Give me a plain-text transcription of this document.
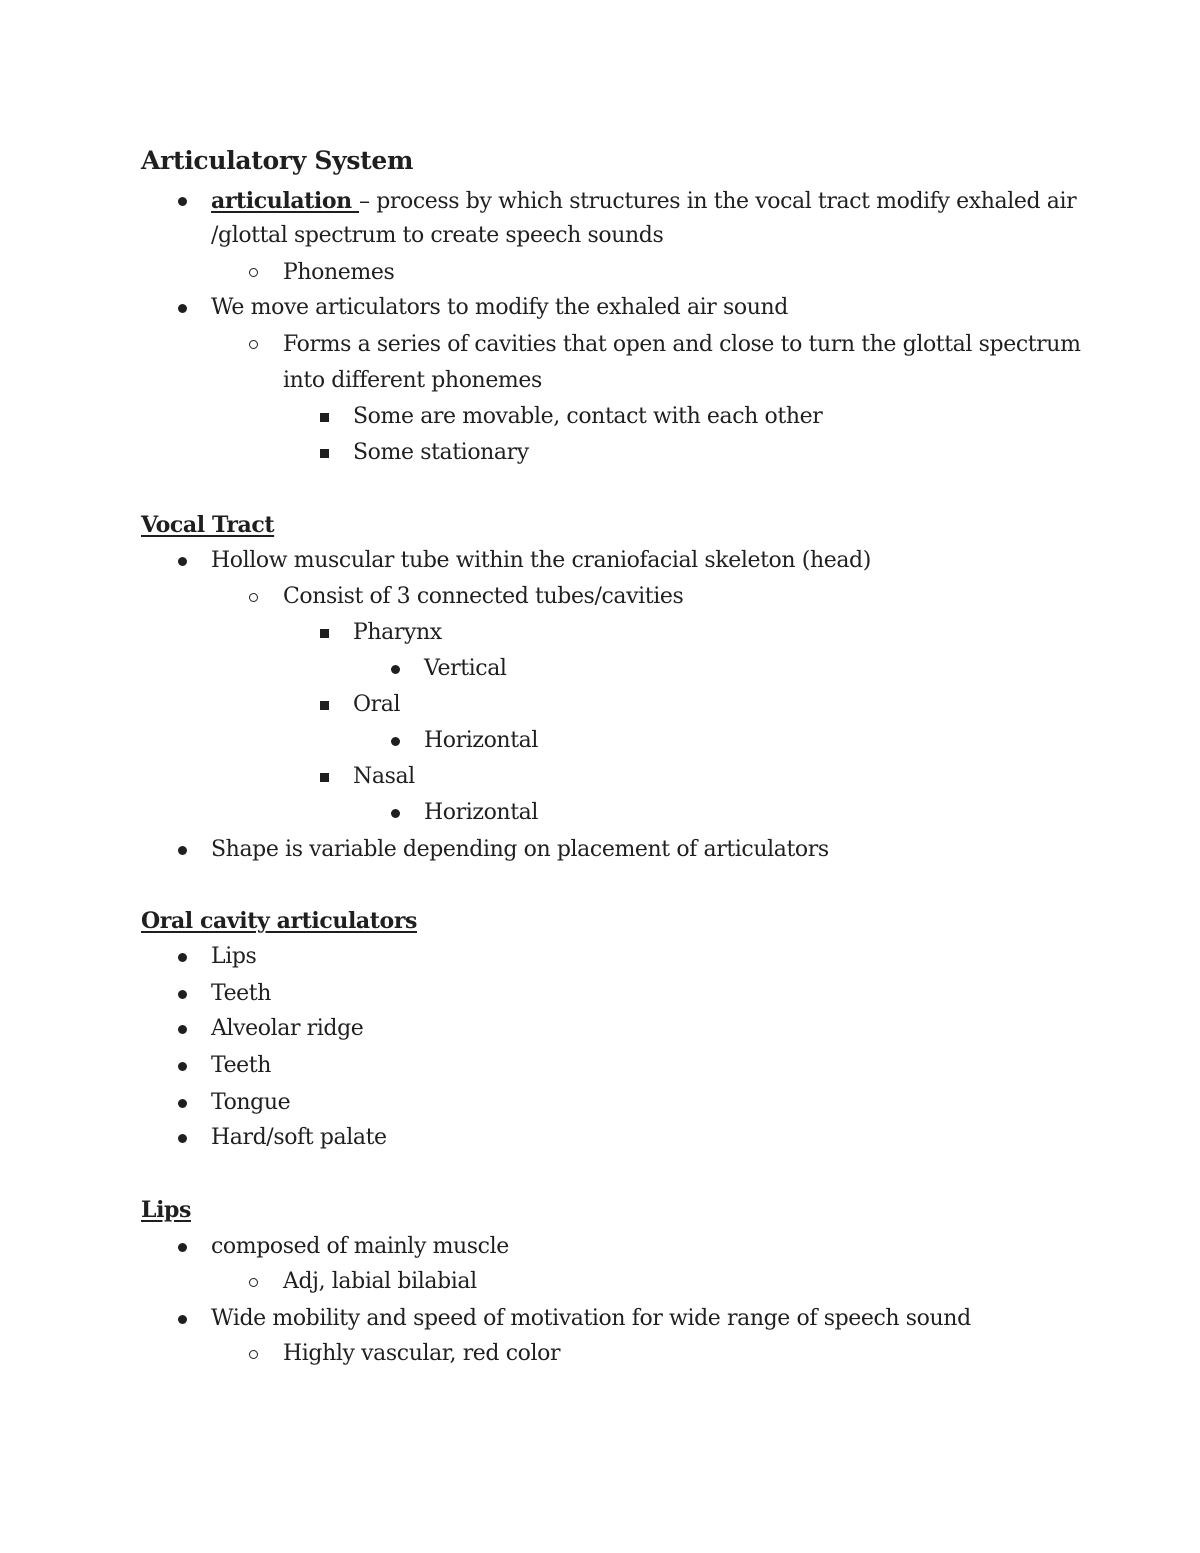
Articulatory System
articulation – process by which structures in the vocal tract modify exhaled air
/glottal spectrum to create speech sounds
Phonemes
We move articulators to modify the exhaled air sound
Forms a series of cavities that open and close to turn the glottal spectrum
into different phonemes
Some are movable, contact with each other
Some stationary
Vocal Tract
Hollow muscular tube within the craniofacial skeleton (head)
Consist of 3 connected tubes/cavities
Pharynx
Vertical
Oral
Horizontal
Nasal
Horizontal
Shape is variable depending on placement of articulators
Oral cavity articulators
Lips
Teeth
Alveolar ridge
Teeth
Tongue
Hard/soft palate
Lips
composed of mainly muscle
Adj, labial bilabial
Wide mobility and speed of motivation for wide range of speech sound
Highly vascular, red color
